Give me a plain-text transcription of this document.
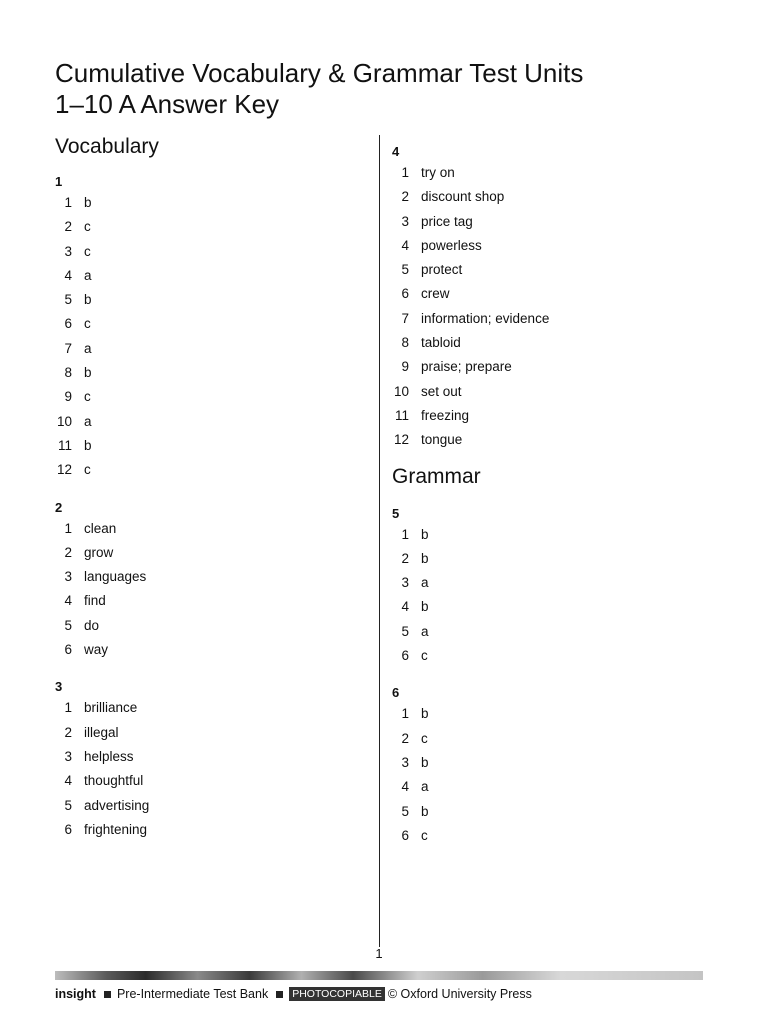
Cumulative Vocabulary & Grammar Test Units
1–10 A Answer Key
Vocabulary
1
1 b
2 c
3 c
4 a
5 b
6 c
7 a
8 b
9 c
10 a
11 b
12 c
2
1 clean
2 grow
3 languages
4 find
5 do
6 way
3
1 brilliance
2 illegal
3 helpless
4 thoughtful
5 advertising
6 frightening
4
1 try on
2 discount shop
3 price tag
4 powerless
5 protect
6 crew
7 information; evidence
8 tabloid
9 praise; prepare
10 set out
11 freezing
12 tongue
Grammar
5
1 b
2 b
3 a
4 b
5 a
6 c
6
1 b
2 c
3 b
4 a
5 b
6 c
1
insight Pre-Intermediate Test Bank PHOTOCOPIABLE © Oxford University Press
